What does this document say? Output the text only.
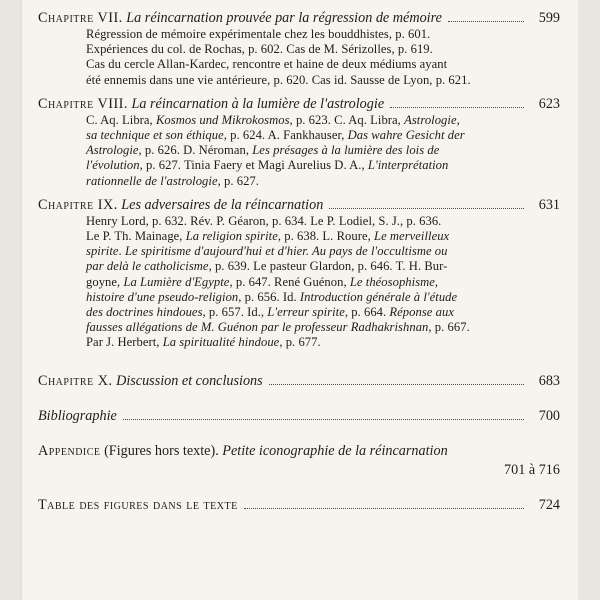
Chapitre VII. La réincarnation prouvée par la régression de mémoire	599
Régression de mémoire expérimentale chez les bouddhistes, p. 601.
Expériences du col. de Rochas, p. 602. Cas de M. Sérizolles, p. 619.
Cas du cercle Allan-Kardec, rencontre et haine de deux médiums ayant
été ennemis dans une vie antérieure, p. 620. Cas id. Sausse de Lyon, p. 621.
Chapitre VIII. La réincarnation à la lumière de l'astrologie	623
C. Aq. Libra, Kosmos und Mikrokosmos, p. 623. C. Aq. Libra, Astrologie,
sa technique et son éthique, p. 624. A. Fankhauser, Das wahre Gesicht der
Astrologie, p. 626. D. Néroman, Les présages à la lumière des lois de
l'évolution, p. 627. Tinia Faery et Magi Aurelius D. A., L'interprétation
rationnelle de l'astrologie, p. 627.
Chapitre IX. Les adversaires de la réincarnation	631
Henry Lord, p. 632. Rév. P. Géaron, p. 634. Le P. Lodiel, S. J., p. 636.
Le P. Th. Mainage, La religion spirite, p. 638. L. Roure, Le merveilleux
spirite. Le spiritisme d'aujourd'hui et d'hier. Au pays de l'occultisme ou
par delà le catholicisme, p. 639. Le pasteur Glardon, p. 646. T. H. Bur-
goyne, La Lumière d'Egypte, p. 647. René Guénon, Le théosophisme,
histoire d'une pseudo-religion, p. 656. Id. Introduction générale à l'étude
des doctrines hindoues, p. 657. Id., L'erreur spirite, p. 664. Réponse aux
fausses allégations de M. Guénon par le professeur Radhakrishnan, p. 667.
Par J. Herbert, La spiritualité hindoue, p. 677.
Chapitre X. Discussion et conclusions	683
Bibliographie	700
Appendice (Figures hors texte). Petite iconographie de la réincarnation
701 à 716
Table des figures dans le texte	724
